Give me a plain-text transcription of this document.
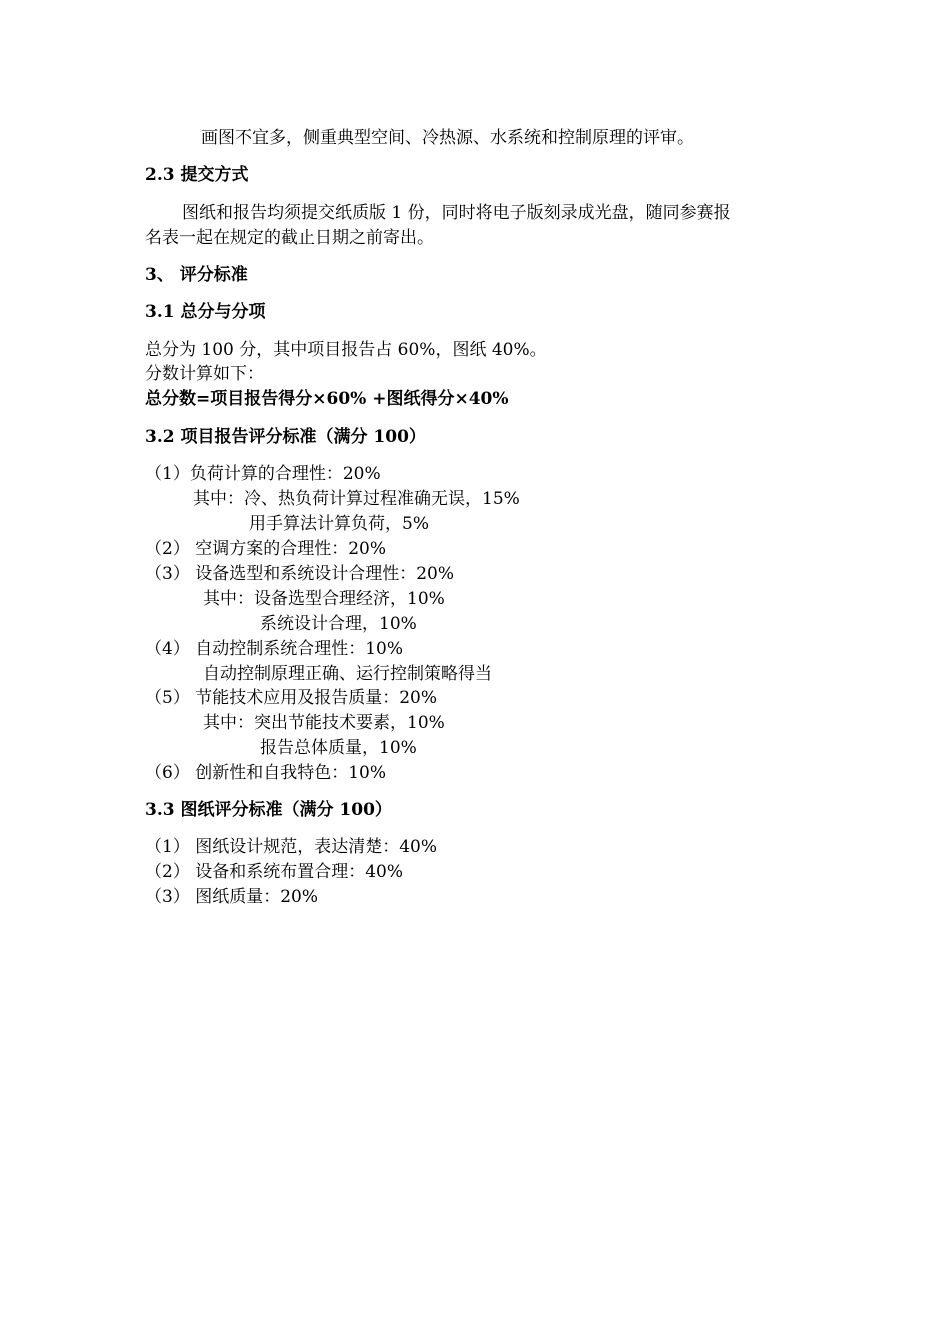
画图不宜多，侧重典型空间、冷热源、水系统和控制原理的评审。

2.3 提交方式

图纸和报告均须提交纸质版 1 份，同时将电子版刻录成光盘，随同参赛报

名表一起在规定的截止日期之前寄出。

3、 评分标准

3.1 总分与分项

总分为 100 分，其中项目报告占 60%，图纸 40%。

分数计算如下：

总分数=项目报告得分×60% +图纸得分×40%

3.2 项目报告评分标准（满分 100）

（1）负荷计算的合理性：20%

其中：冷、热负荷计算过程准确无误，15%

用手算法计算负荷，5%

（2） 空调方案的合理性：20%

（3） 设备选型和系统设计合理性：20%

其中：设备选型合理经济，10%

系统设计合理，10%

（4） 自动控制系统合理性：10%

自动控制原理正确、运行控制策略得当

（5） 节能技术应用及报告质量：20%

其中：突出节能技术要素，10%

报告总体质量，10%

（6） 创新性和自我特色：10%

3.3 图纸评分标准（满分 100）

（1） 图纸设计规范，表达清楚：40%

（2） 设备和系统布置合理：40%

（3） 图纸质量：20%
